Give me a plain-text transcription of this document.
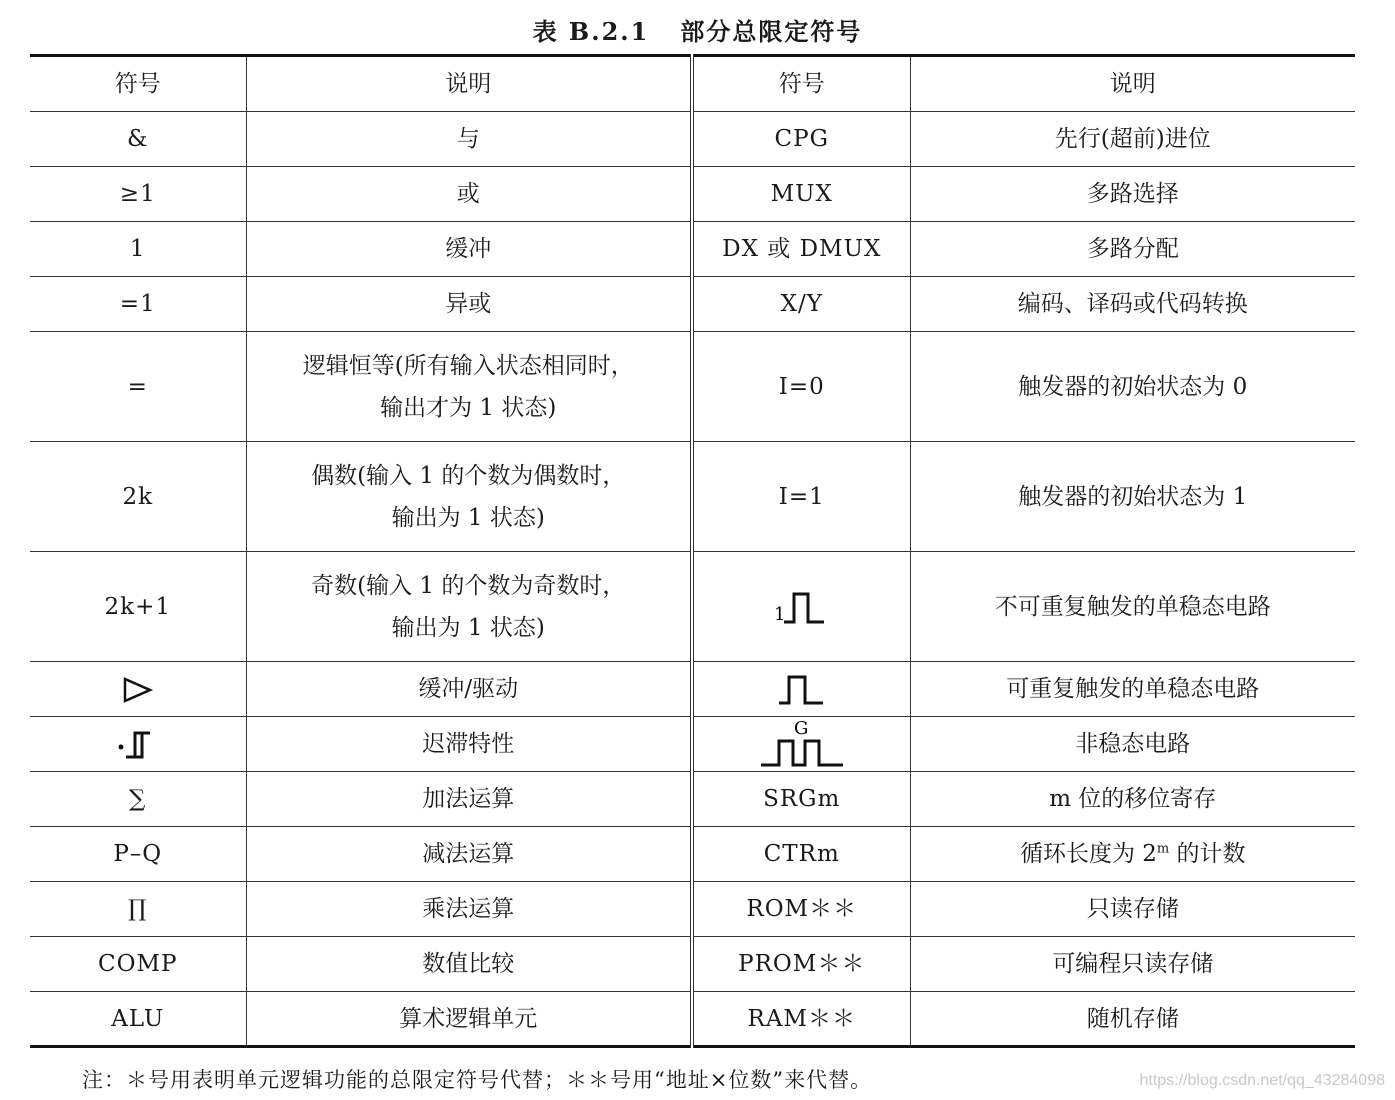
表 B.2.1   部分总限定符号
符号	说明	符号	说明
&	与	CPG	先行(超前)进位
≥1	或	MUX	多路选择
1	缓冲	DX 或 DMUX	多路分配
=1	异或	X/Y	编码、译码或代码转换
=	逻辑恒等(所有输入状态相同时，
输出才为 1 状态)	I=0	触发器的初始状态为 0
2k	偶数(输入 1 的个数为偶数时，
输出为 1 状态)	I=1	触发器的初始状态为 1
2k+1	奇数(输入 1 的个数为奇数时，
输出为 1 状态)	1	不可重复触发的单稳态电路
	缓冲/驱动		可重复触发的单稳态电路
	迟滞特性	G	非稳态电路
∑	加法运算	SRGm	m 位的移位寄存
P–Q	减法运算	CTRm	循环长度为 2$^m$ 的计数
∏	乘法运算	ROM＊＊	只读存储
COMP	数值比较	PROM＊＊	可编程只读存储
ALU	算术逻辑单元	RAM＊＊	随机存储
注：＊号用表明单元逻辑功能的总限定符号代替；＊＊号用“地址×位数”来代替。	https://blog.csdn.net/qq_43284098
